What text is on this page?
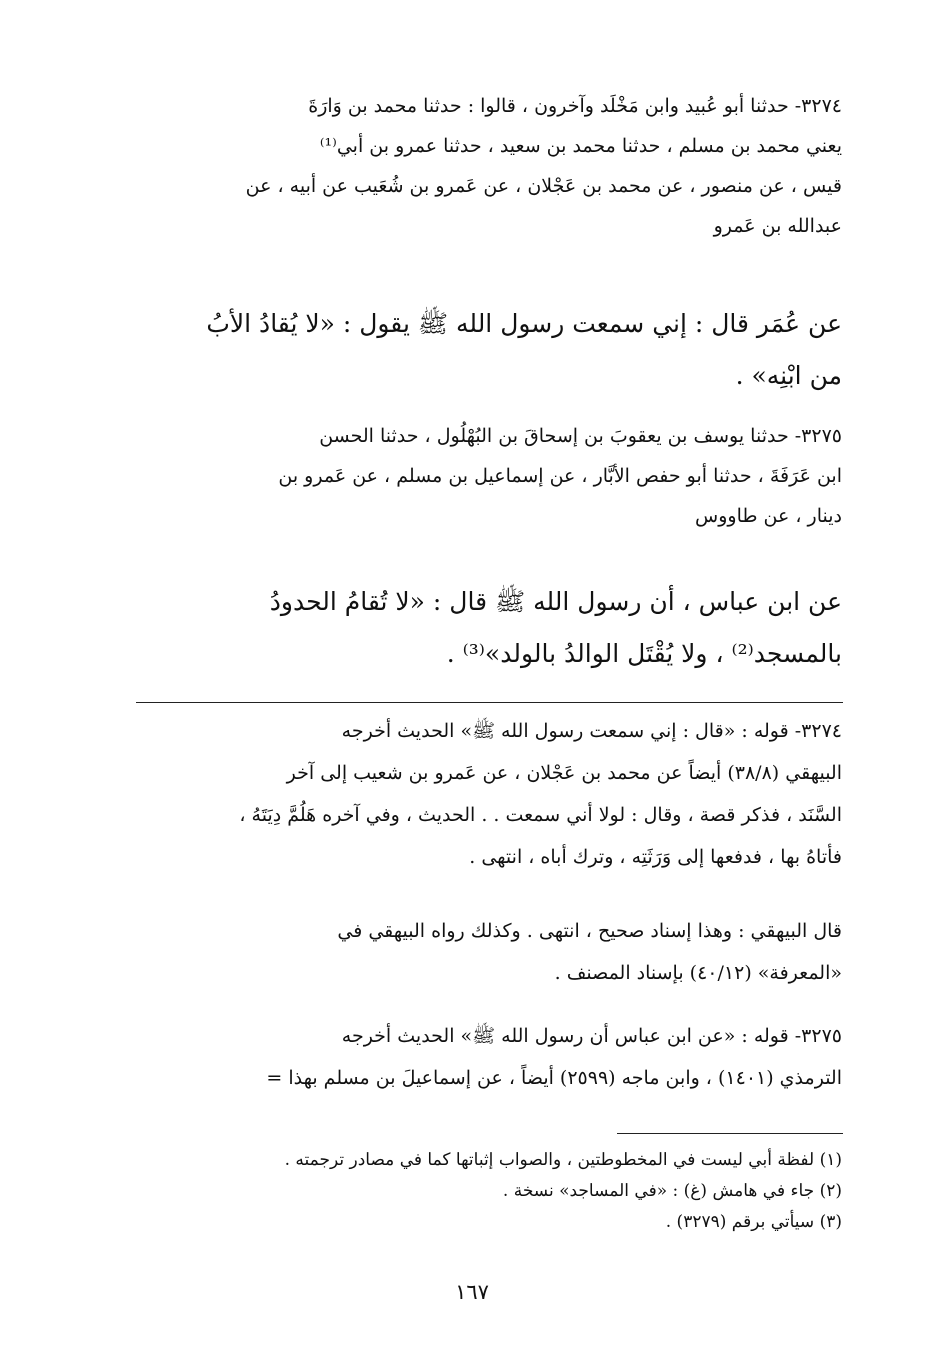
٣٢٧٤- حدثنا أبو عُبيد وابن مَخْلَد وآخرون ، قالوا : حدثنا محمد بن وَارَةَ
يعني محمد بن مسلم ، حدثنا محمد بن سعيد ، حدثنا عمرو بن أبي⁽¹⁾
قيس ، عن منصور ، عن محمد بن عَجْلان ، عن عَمرو بن شُعَيب عن أبيه ، عن
عبدالله بن عَمرو
عن عُمَر قال : إني سمعت رسول الله ﷺ يقول : «لا يُقادُ الأبُ
من ابْنِه» .
٣٢٧٥- حدثنا يوسف بن يعقوبَ بن إسحاقَ بن البُهْلُول ، حدثنا الحسن
ابن عَرَفَةَ ، حدثنا أبو حفص الأبَّار ، عن إسماعيل بن مسلم ، عن عَمرو بن
دينار ، عن طاووس
عن ابن عباس ، أن رسول الله ﷺ قال : «لا تُقامُ الحدودُ
بالمسجد⁽²⁾ ، ولا يُقْتَل الوالدُ بالولد»⁽³⁾ .
٣٢٧٤- قوله : «قال : إني سمعت رسول الله ﷺ» الحديث أخرجه
البيهقي (٣٨/٨) أيضاً عن محمد بن عَجْلان ، عن عَمرو بن شعيب إلى آخر
السَّنَد ، فذكر قصة ، وقال : لولا أني سمعت . . الحديث ، وفي آخره هَلُمَّ دِيَتَهُ ،
فأتاهُ بها ، فدفعها إلى وَرَثَتِه ، وترك أباه ، انتهى .
قال البيهقي : وهذا إسناد صحيح ، انتهى . وكذلك رواه البيهقي في
«المعرفة» (٤٠/١٢) بإسناد المصنف .
٣٢٧٥- قوله : «عن ابن عباس أن رسول الله ﷺ» الحديث أخرجه
الترمذي (١٤٠١) ، وابن ماجه (٢٥٩٩) أيضاً ، عن إسماعيلَ بن مسلم بهذا =
(١) لفظة أبي ليست في المخطوطتين ، والصواب إثباتها كما في مصادر ترجمته .
(٢) جاء في هامش (غ) : «في المساجد» نسخة .
(٣) سيأتي برقم (٣٢٧٩) .
١٦٧
